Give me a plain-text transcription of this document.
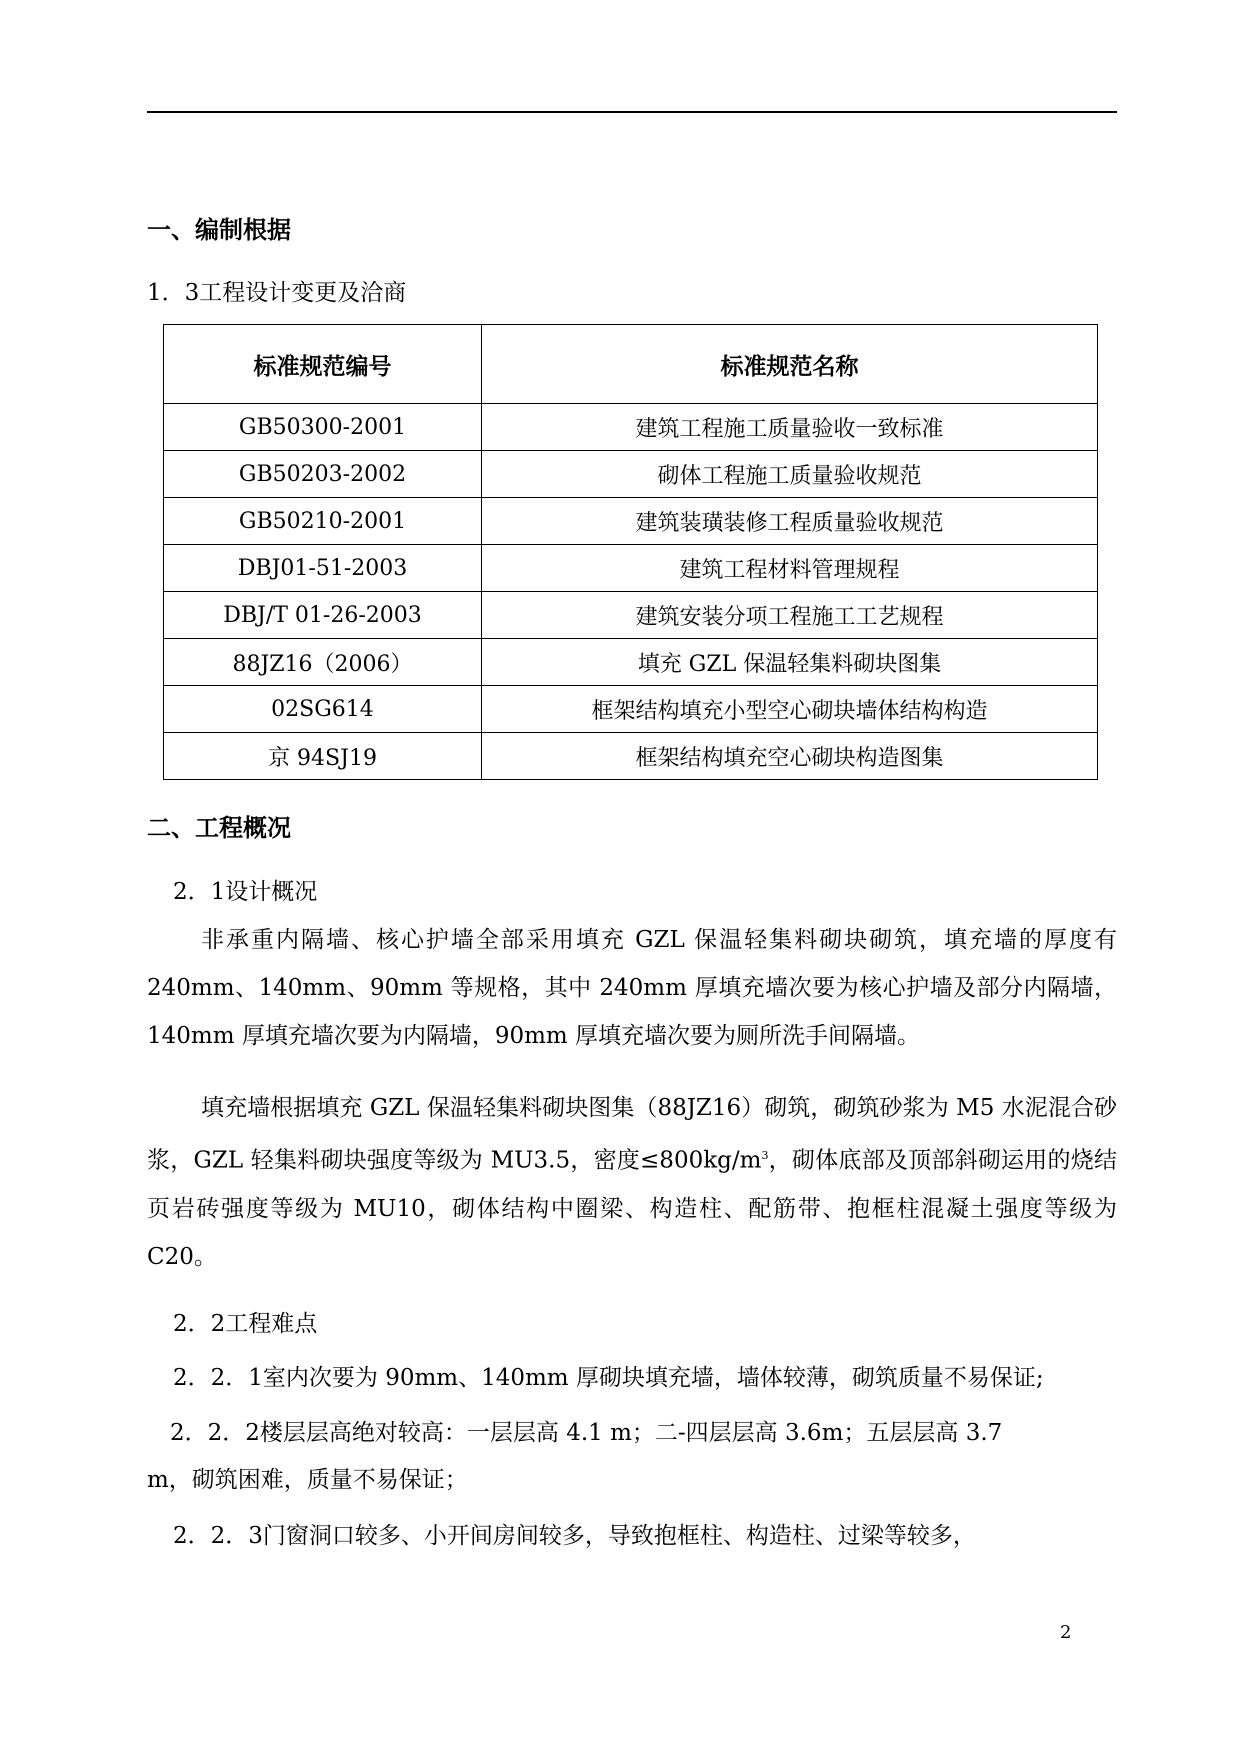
一、编制根据

1．3工程设计变更及洽商

标准规范编号	标准规范名称
GB50300-2001	建筑工程施工质量验收一致标准
GB50203-2002	砌体工程施工质量验收规范
GB50210-2001	建筑装璜装修工程质量验收规范
DBJ01-51-2003	建筑工程材料管理规程
DBJ/T 01-26-2003	建筑安装分项工程施工工艺规程
88JZ16（2006）	填充 GZL 保温轻集料砌块图集
02SG614	框架结构填充小型空心砌块墙体结构构造
京 94SJ19	框架结构填充空心砌块构造图集
二、工程概况

2．1设计概况

非承重内隔墙、核心护墙全部采用填充 GZL 保温轻集料砌块砌筑，填充墙的厚度有 240mm、140mm、90mm 等规格，其中 240mm 厚填充墙次要为核心护墙及部分内隔墙，140mm 厚填充墙次要为内隔墙，90mm 厚填充墙次要为厕所洗手间隔墙。

填充墙根据填充 GZL 保温轻集料砌块图集（88JZ16）砌筑，砌筑砂浆为 M5 水泥混合砂浆，GZL 轻集料砌块强度等级为 MU3.5，密度$\le 800kg/m^3$，砌体底部及顶部斜砌运用的烧结页岩砖强度等级为 MU10，砌体结构中圈梁、构造柱、配筋带、抱框柱混凝土强度等级为 C20。

2．2工程难点

2．2．1室内次要为 90mm、140mm 厚砌块填充墙，墙体较薄，砌筑质量不易保证;

2．2．2楼层层高绝对较高：一层层高 4.1 m；二-四层层高 3.6m；五层层高 3.7

m，砌筑困难，质量不易保证；

2．2．3门窗洞口较多、小开间房间较多，导致抱框柱、构造柱、过梁等较多，

2
